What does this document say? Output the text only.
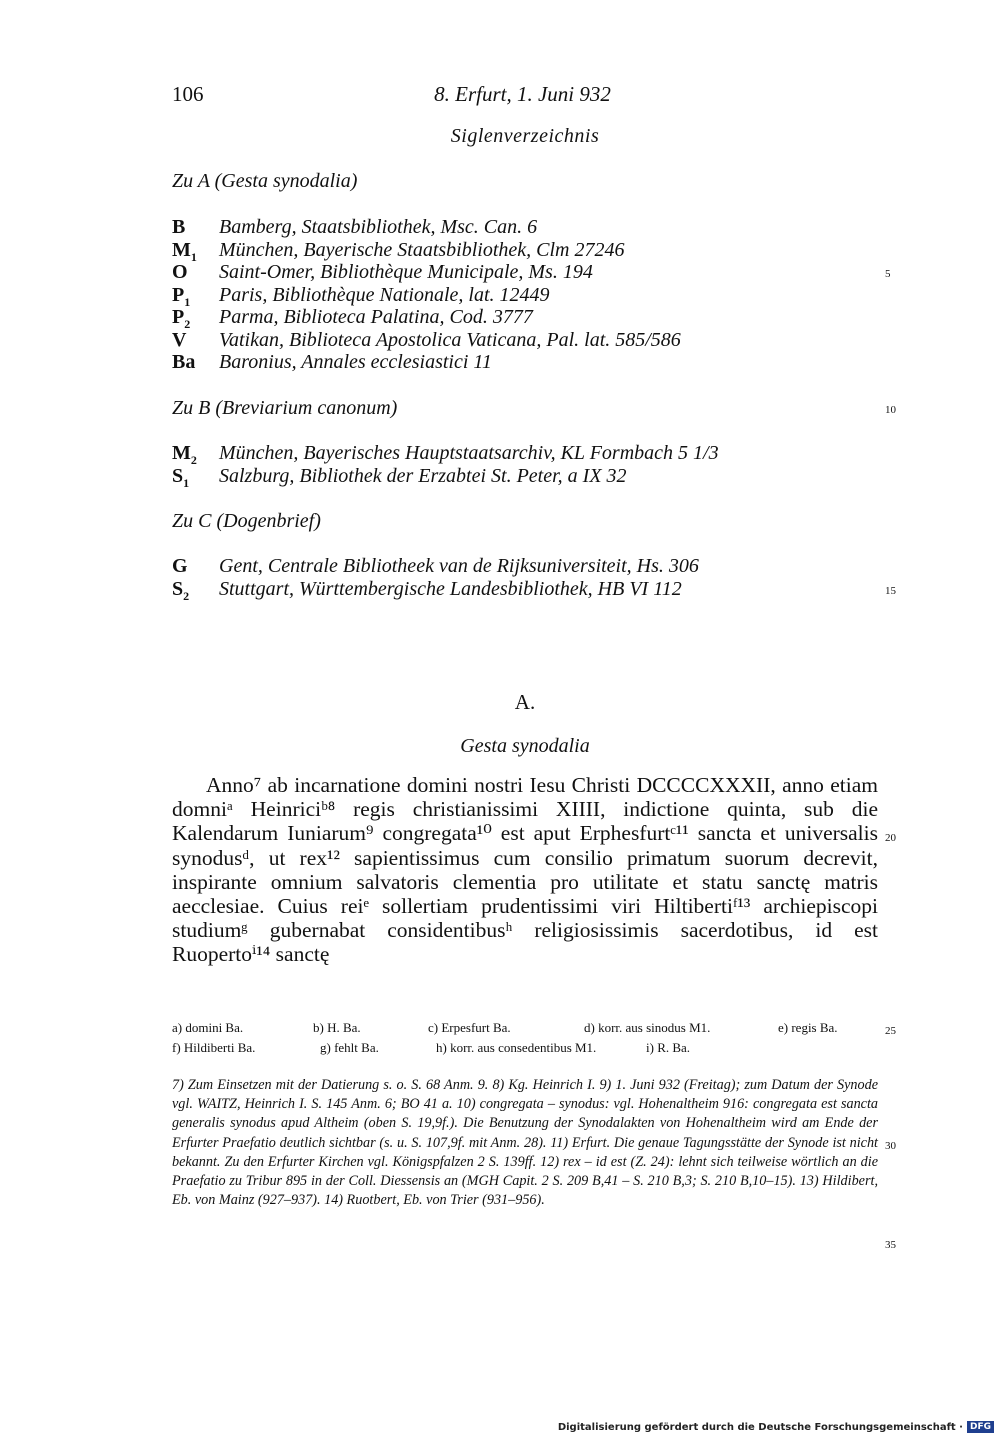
106	8. Erfurt, 1. Juni 932
Siglenverzeichnis
Zu A (Gesta synodalia)
B	Bamberg, Staatsbibliothek, Msc. Can. 6
$M_1$	München, Bayerische Staatsbibliothek, Clm 27246
O	Saint-Omer, Bibliothèque Municipale, Ms. 194
$P_1$	Paris, Bibliothèque Nationale, lat. 12449
$P_2$	Parma, Biblioteca Palatina, Cod. 3777
V	Vatikan, Biblioteca Apostolica Vaticana, Pal. lat. 585/586
Ba	Baronius, Annales ecclesiastici 11
Zu B (Breviarium canonum)
$M_2$	München, Bayerisches Hauptstaatsarchiv, KL Formbach 5 1/3
$S_1$	Salzburg, Bibliothek der Erzabtei St. Peter, a IX 32
Zu C (Dogenbrief)
G	Gent, Centrale Bibliotheek van de Rijksuniversiteit, Hs. 306
$S_2$	Stuttgart, Württembergische Landesbibliothek, HB VI 112
5
10
15
20
25
30
35
A.
Gesta synodalia
Anno⁷ ab incarnatione domini nostri Iesu Christi DCCCCXXXII, anno etiam domniᵃ Heinriciᵇ⁸ regis christianissimi XIIII, indictione quinta, sub die Kalendarum Iuniarum⁹ congregata¹⁰ est aput Erphesfurtᶜ¹¹ sancta et universalis synodusᵈ, ut rex¹² sapientissimus cum consilio primatum suorum decrevit, inspirante omnium salvatoris clementia pro utilitate et statu sanctę matris aecclesiae. Cuius reiᵉ sollertiam prudentissimi viri Hiltibertiᶠ¹³ archiepiscopi studiumᵍ gubernabat considentibusʰ religiosissimis sacerdotibus, id est Ruopertoⁱ¹⁴ sanctę
a) domini Ba.	b) H. Ba.	c) Erpesfurt Ba.	d) korr. aus sinodus M1.	e) regis Ba.
f) Hildiberti Ba.	g) fehlt Ba.	h) korr. aus consedentibus M1.	i) R. Ba.
7) Zum Einsetzen mit der Datierung s. o. S. 68 Anm. 9. 8) Kg. Heinrich I. 9) 1. Juni 932 (Freitag); zum Datum der Synode vgl. WAITZ, Heinrich I. S. 145 Anm. 6; BO 41 a. 10) congregata – synodus: vgl. Hohenaltheim 916: congregata est sancta generalis synodus apud Altheim (oben S. 19,9f.). Die Benutzung der Synodalakten von Hohenaltheim wird am Ende der Erfurter Praefatio deutlich sichtbar (s. u. S. 107,9f. mit Anm. 28). 11) Erfurt. Die genaue Tagungsstätte der Synode ist nicht bekannt. Zu den Erfurter Kirchen vgl. Königspfalzen 2 S. 139ff. 12) rex – id est (Z. 24): lehnt sich teilweise wörtlich an die Praefatio zu Tribur 895 in der Coll. Diessensis an (MGH Capit. 2 S. 209 B,41 – S. 210 B,3; S. 210 B,10–15). 13) Hildibert, Eb. von Mainz (927–937). 14) Ruotbert, Eb. von Trier (931–956).
Digitalisierung gefördert durch die Deutsche Forschungsgemeinschaft · DFG
